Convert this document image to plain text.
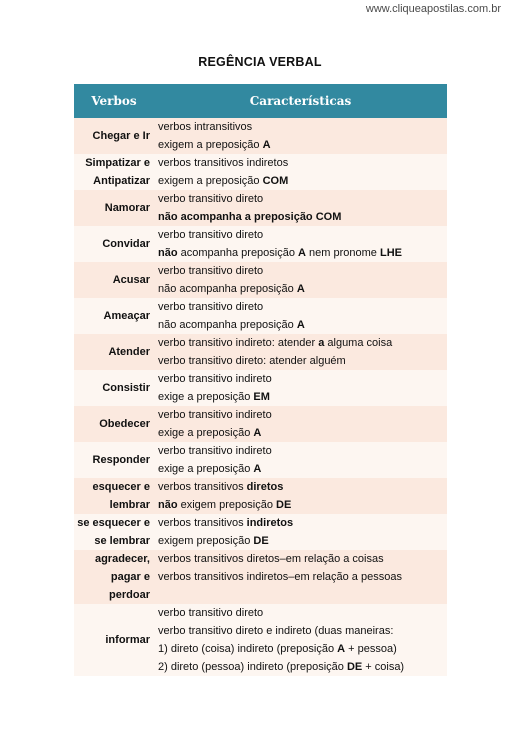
www.cliqueapostilas.com.br
REGÊNCIA VERBAL
Verbos	Características
Chegar e Ir
verbos intransitivos
exigem a preposição A
Simpatizar e
Antipatizar
verbos transitivos indiretos
exigem a preposição COM
Namorar
verbo transitivo direto
não acompanha a preposição COM
Convidar
verbo transitivo direto
não acompanha preposição A nem pronome LHE
Acusar
verbo transitivo direto
não acompanha preposição A
Ameaçar
verbo transitivo direto
não acompanha preposição A
Atender
verbo transitivo indireto: atender a alguma coisa
verbo transitivo direto: atender alguém
Consistir
verbo transitivo indireto
exige a preposição EM
Obedecer
verbo transitivo indireto
exige a preposição A
Responder
verbo transitivo indireto
exige a preposição A
esquecer e
lembrar
verbos transitivos diretos
não exigem preposição DE
se esquecer e
se lembrar
verbos transitivos indiretos
exigem preposição DE
agradecer,
pagar e
perdoar
verbos transitivos diretos–em relação a coisas
verbos transitivos indiretos–em relação a pessoas
informar
verbo transitivo direto
verbo transitivo direto e indireto (duas maneiras:
1) direto (coisa) indireto (preposição A + pessoa)
2) direto (pessoa) indireto (preposição DE + coisa)
